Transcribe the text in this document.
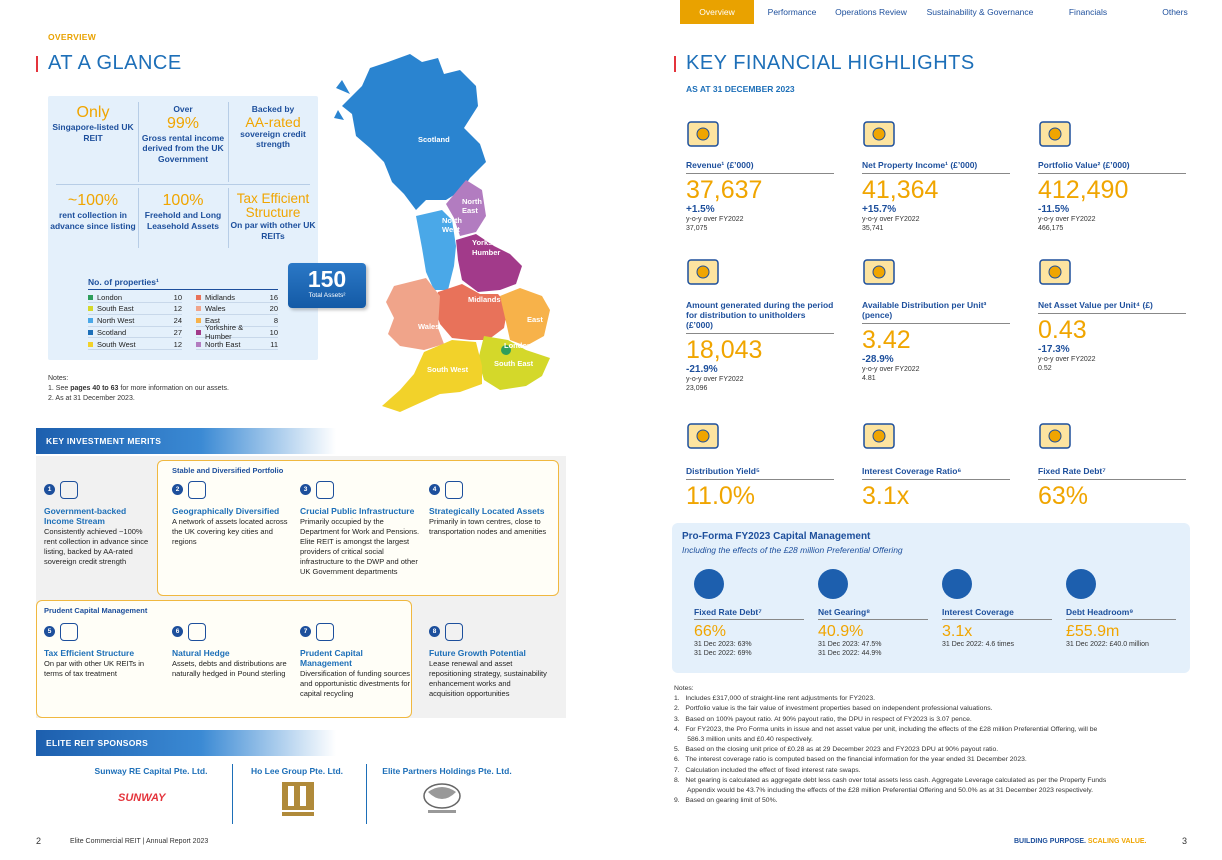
Overview	Performance	Operations Review	Sustainability & Governance	Financials	Others
OVERVIEW
AT A GLANCE
Only
Singapore-listed UK REIT
Over
99%
Gross rental income derived from the UK Government
Backed by
AA-rated
sovereign credit strength
~100%
rent collection in advance since listing
100%
Freehold and Long Leasehold Assets
Tax Efficient Structure
On par with other UK REITs
No. of properties¹
London	10	Midlands	16
South East	12	Wales	20
North West	24	East	8
Scotland	27	Yorkshire & Humber	10
South West	12	North East	11
Scotland
North East
North West
Yorkshire & Humber
Midlands
East
Wales
London
South East
South West
150
Total Assets²
Notes:
1. See pages 40 to 63 for more information on our assets.
2. As at 31 December 2023.
KEY INVESTMENT MERITS
Stable and Diversified Portfolio
Prudent Capital Management
1
Government-backed Income Stream
Consistently achieved ~100% rent collection in advance since listing, backed by AA-rated sovereign credit strength
2
Geographically Diversified
A network of assets located across the UK covering key cities and regions
3
Crucial Public Infrastructure
Primarily occupied by the Department for Work and Pensions. Elite REIT is amongst the largest providers of critical social infrastructure to the DWP and other UK Government departments
4
Strategically Located Assets
Primarily in town centres, close to transportation nodes and amenities
5
Tax Efficient Structure
On par with other UK REITs in terms of tax treatment
6
Natural Hedge
Assets, debts and distributions are naturally hedged in Pound sterling
7
Prudent Capital Management
Diversification of funding sources and opportunistic divestments for capital recycling
8
Future Growth Potential
Lease renewal and asset repositioning strategy, sustainability enhancement works and acquisition opportunities
ELITE REIT SPONSORS
Sunway RE Capital Pte. Ltd.	Ho Lee Group Pte. Ltd.	Elite Partners Holdings Pte. Ltd.
SUNWAY
2	Elite Commercial REIT | Annual Report 2023
KEY FINANCIAL HIGHLIGHTS
AS AT 31 DECEMBER 2023
Revenue¹ (£’000)
37,637
+1.5%
y-o-y over FY2022
37,075
Net Property Income¹ (£’000)
41,364
+15.7%
y-o-y over FY2022
35,741
Portfolio Value² (£’000)
412,490
-11.5%
y-o-y over FY2022
466,175
Amount generated during the period for distribution to unitholders (£’000)
18,043
-21.9%
y-o-y over FY2022
23,096
Available Distribution per Unit³ (pence)
3.42
-28.9%
y-o-y over FY2022
4.81
Net Asset Value per Unit⁴ (£)
0.43
-17.3%
y-o-y over FY2022
0.52
Distribution Yield⁵
11.0%
Interest Coverage Ratio⁶
3.1x
Fixed Rate Debt⁷
63%
Pro-Forma FY2023 Capital Management
Including the effects of the £28 million Preferential Offering
Fixed Rate Debt⁷
66%
31 Dec 2023: 63%
31 Dec 2022: 69%
Net Gearing⁸
40.9%
31 Dec 2023: 47.5%
31 Dec 2022: 44.9%
Interest Coverage
3.1x
31 Dec 2022: 4.6 times
Debt Headroom⁹
£55.9m
31 Dec 2022: £40.0 million
Notes:
1.   Includes £317,000 of straight-line rent adjustments for FY2023.
2.   Portfolio value is the fair value of investment properties based on independent professional valuations.
3.   Based on 100% payout ratio. At 90% payout ratio, the DPU in respect of FY2023 is 3.07 pence.
4.   For FY2023, the Pro Forma units in issue and net asset value per unit, including the effects of the £28 million Preferential Offering, will be
586.3 million units and £0.40 respectively.
5.   Based on the closing unit price of £0.28 as at 29 December 2023 and FY2023 DPU at 90% payout ratio.
6.   The interest coverage ratio is computed based on the financial information for the year ended 31 December 2023.
7.   Calculation included the effect of fixed interest rate swaps.
8.   Net gearing is calculated as aggregate debt less cash over total assets less cash. Aggregate Leverage calculated as per the Property Funds
Appendix would be 43.7% including the effects of the £28 million Preferential Offering and 50.0% as at 31 December 2023 respectively.
9.   Based on gearing limit of 50%.
BUILDING PURPOSE. SCALING VALUE.	3
